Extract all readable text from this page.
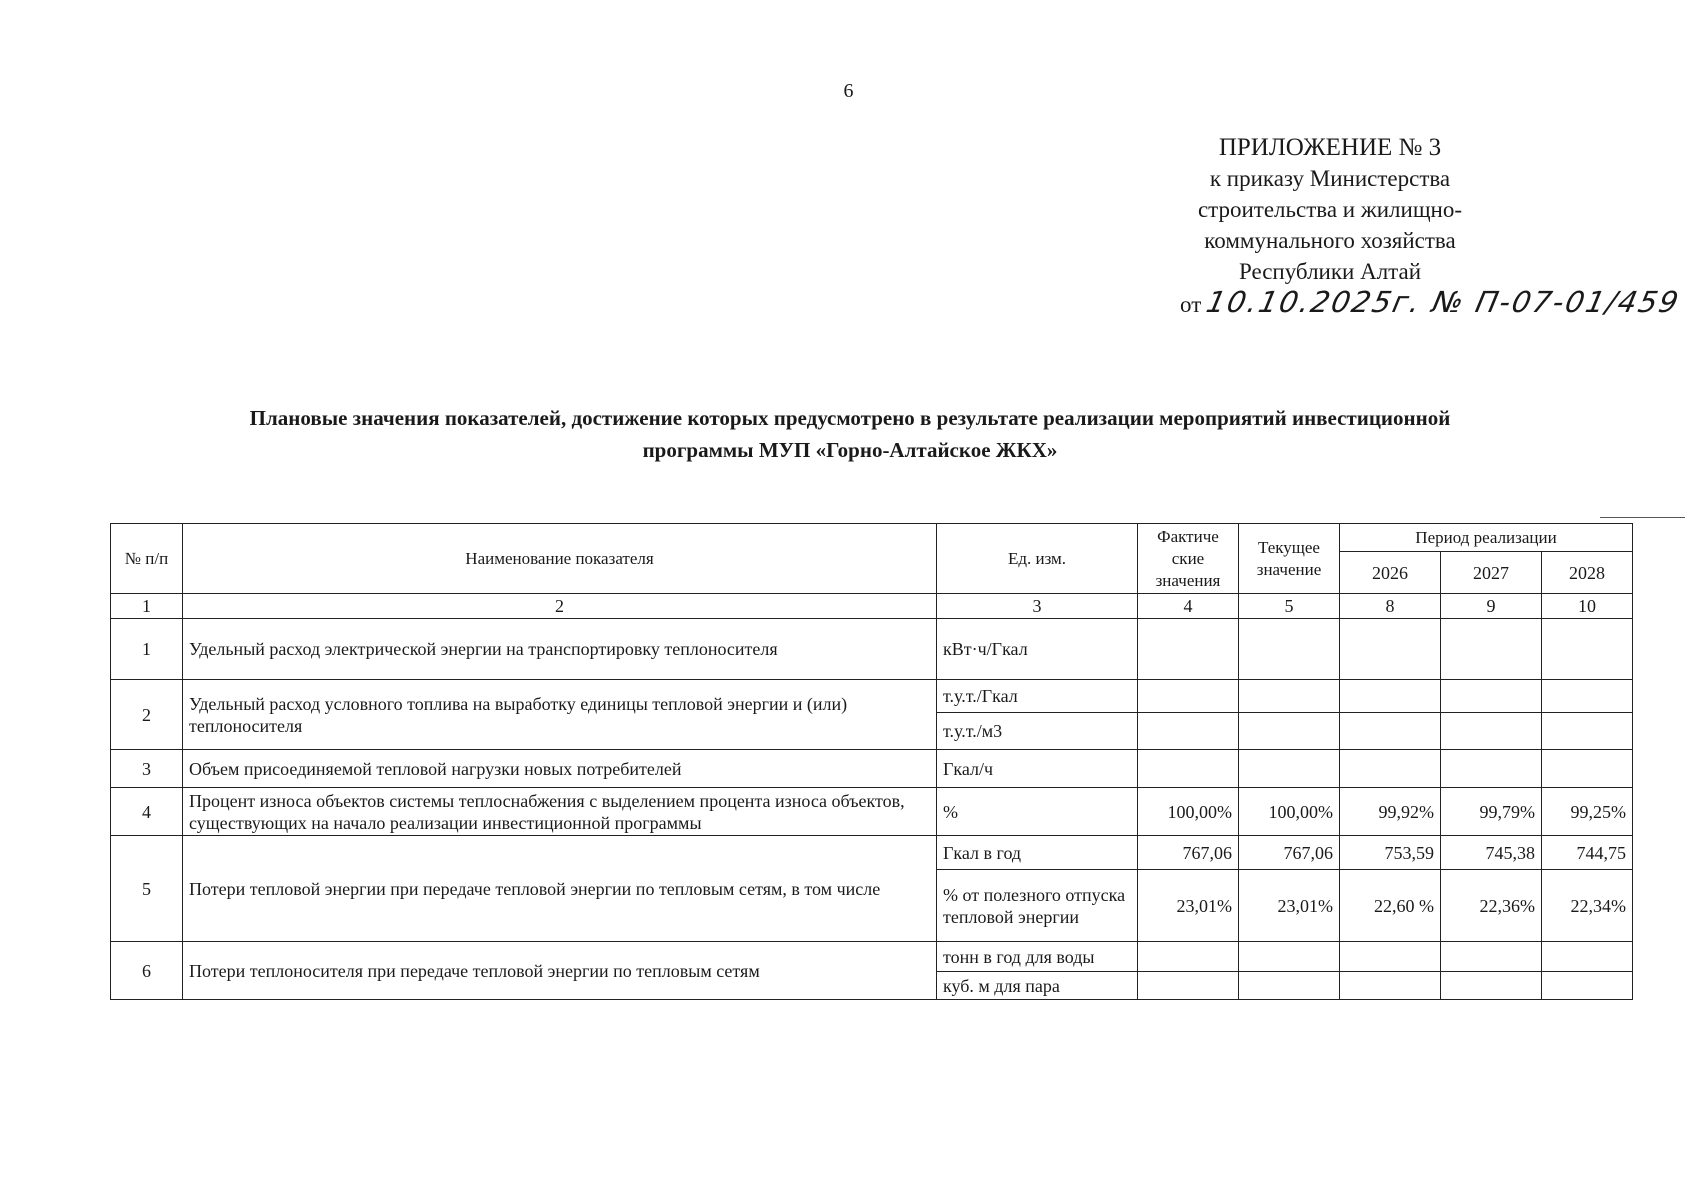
6
ПРИЛОЖЕНИЕ № 3
к приказу Министерства
строительства и жилищно-
коммунального хозяйства
Республики Алтай
от 10.10.2025г. № П-07-01/459
Плановые значения показателей, достижение которых предусмотрено в результате реализации мероприятий инвестиционной
программы МУП «Горно-Алтайское ЖКХ»
№ п/п	Наименование показателя	Ед. изм.	Фактиче ские значения	Текущее значение	Период реализации		
					2026	2027	2028
1	2	3	4	5	8	9	10
1	Удельный расход электрической энергии на транспортировку теплоносителя	кВт·ч/Гкал					
2	Удельный расход условного топлива на выработку единицы тепловой энергии и (или) теплоносителя	т.у.т./Гкал					
		т.у.т./м3					
3	Объем присоединяемой тепловой нагрузки новых потребителей	Гкал/ч					
4	Процент износа объектов системы теплоснабжения с выделением процента износа объектов, существующих на начало реализации инвестиционной программы	%	100,00%	100,00%	99,92%	99,79%	99,25%
5	Потери тепловой энергии при передаче тепловой энергии по тепловым сетям, в том числе	Гкал в год	767,06	767,06	753,59	745,38	744,75
		% от полезного отпуска тепловой энергии	23,01%	23,01%	22,60 %	22,36%	22,34%
6	Потери теплоносителя при передаче тепловой энергии по тепловым сетям	тонн в год для воды					
		куб. м для пара					
